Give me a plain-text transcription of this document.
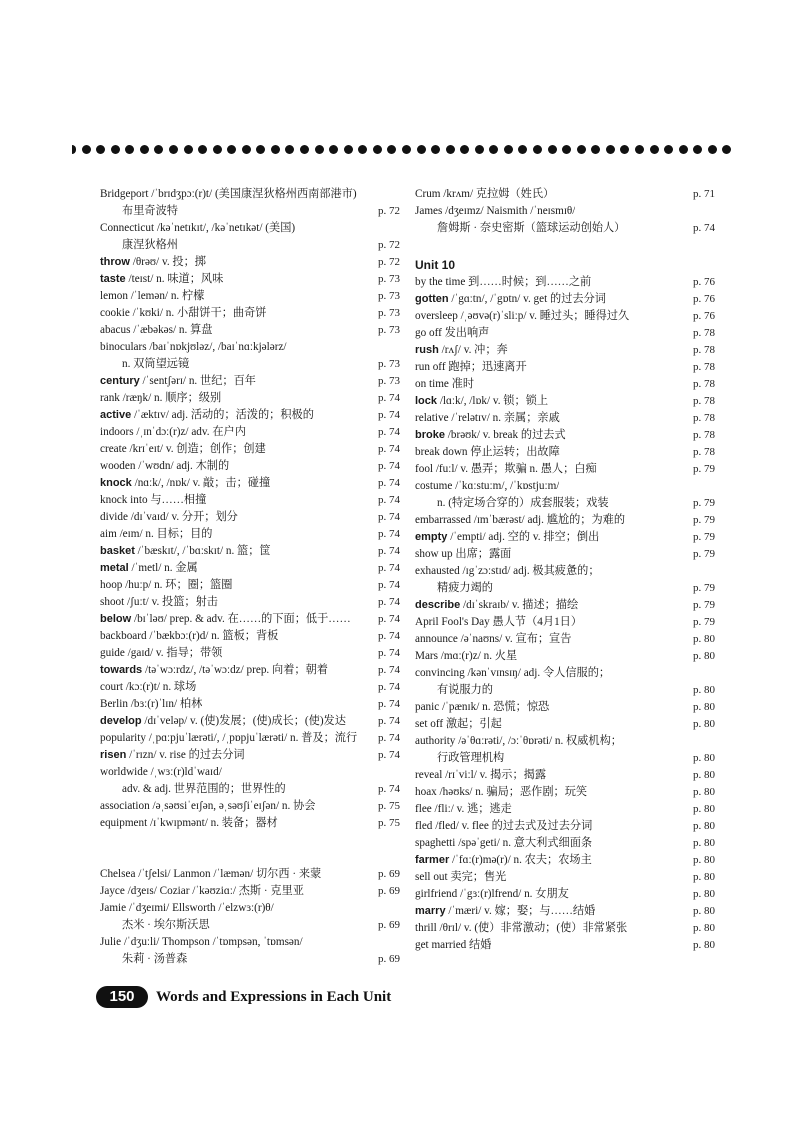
Bridgeport /ˈbrɪdʒpɔː(r)t/ (美国康涅狄格州西南部港市)
布里奇波特	p. 72
Connecticut /kəˈnetɪkɪt/, /kəˈnetɪkət/ (美国)
康涅狄格州	p. 72
throw /θrəʊ/ v. 投；掷	p. 72
taste /teɪst/ n. 味道；风味	p. 73
lemon /ˈlemən/ n. 柠檬	p. 73
cookie /ˈkʊki/ n. 小甜饼干；曲奇饼	p. 73
abacus /ˈæbəkəs/ n. 算盘	p. 73
binoculars /baɪˈnɒkjʊləz/, /baɪˈnɑːkjələrz/
n. 双筒望远镜	p. 73
century /ˈsentʃərɪ/ n. 世纪；百年	p. 73
rank /ræŋk/ n. 顺序；级别	p. 74
active /ˈæktɪv/ adj. 活动的；活泼的；积极的	p. 74
indoors /ˌɪnˈdɔː(r)z/ adv. 在户内	p. 74
create /krɪˈeɪt/ v. 创造；创作；创建	p. 74
wooden /ˈwʊdn/ adj. 木制的	p. 74
knock /nɑːk/, /nɒk/ v. 敲；击；碰撞	p. 74
knock into 与……相撞	p. 74
divide /dɪˈvaɪd/ v. 分开；划分	p. 74
aim /eɪm/ n. 目标；目的	p. 74
basket /ˈbæskɪt/, /ˈbɑːskɪt/ n. 篮；筐	p. 74
metal /ˈmetl/ n. 金属	p. 74
hoop /huːp/ n. 环；圈；篮圈	p. 74
shoot /ʃuːt/ v. 投篮；射击	p. 74
below /bɪˈləʊ/ prep. & adv. 在……的下面；低于……	p. 74
backboard /ˈbækbɔː(r)d/ n. 篮板；背板	p. 74
guide /gaɪd/ v. 指导；带领	p. 74
towards /təˈwɔːrdz/, /təˈwɔːdz/ prep. 向着；朝着	p. 74
court /kɔː(r)t/ n. 球场	p. 74
Berlin /bɜː(r)ˈlɪn/ 柏林	p. 74
develop /dɪˈveləp/ v. (使)发展；(使)成长；(使)发达	p. 74
popularity /ˌpɑːpjuˈlærəti/, /ˌpɒpjuˈlærəti/ n. 普及；流行	p. 74
risen /ˈrɪzn/ v. rise 的过去分词	p. 74
worldwide /ˌwɜː(r)ldˈwaɪd/
adv. & adj. 世界范围的；世界性的	p. 74
association /əˌsəʊsiˈeɪʃən, əˌsəʊʃiˈeɪʃən/ n. 协会	p. 75
equipment /ɪˈkwɪpmənt/ n. 装备；器材	p. 75
Chelsea /ˈtʃelsi/ Lanmon /ˈlæmən/ 切尔西 · 来蒙	p. 69
Jayce /dʒeɪs/ Coziar /ˈkəʊziɑː/ 杰斯 · 克里亚	p. 69
Jamie /ˈdʒeɪmi/ Ellsworth /ˈelzwɜː(r)θ/
杰米 · 埃尔斯沃思	p. 69
Julie /ˈdʒuːli/ Thompson /ˈtɒmpsən, ˈtɒmsən/
朱莉 · 汤普森	p. 69
Crum /krʌm/ 克拉姆（姓氏）	p. 71
James /dʒeɪmz/ Naismith /ˈneɪsmɪθ/
詹姆斯 · 奈史密斯（篮球运动创始人）	p. 74
Unit 10
by the time 到……时候；到……之前	p. 76
gotten /ˈgɑːtn/, /ˈgɒtn/ v. get 的过去分词	p. 76
oversleep /ˌəʊvə(r)ˈsliːp/ v. 睡过头；睡得过久	p. 76
go off 发出响声	p. 78
rush /rʌʃ/ v. 冲；奔	p. 78
run off 跑掉；迅速离开	p. 78
on time 准时	p. 78
lock /lɑːk/, /lɒk/ v. 锁；锁上	p. 78
relative /ˈrelətɪv/ n. 亲属；亲戚	p. 78
broke /brəʊk/ v. break 的过去式	p. 78
break down 停止运转；出故障	p. 78
fool /fuːl/ v. 愚弄；欺骗 n. 愚人；白痴	p. 79
costume /ˈkɑːstuːm/, /ˈkɒstjuːm/
n. (特定场合穿的）成套服装；戏装	p. 79
embarrassed /ɪmˈbærəst/ adj. 尴尬的；为难的	p. 79
empty /ˈempti/ adj. 空的 v. 排空；倒出	p. 79
show up 出席；露面	p. 79
exhausted /ɪgˈzɔːstɪd/ adj. 极其疲惫的；
精疲力竭的	p. 79
describe /dɪˈskraɪb/ v. 描述；描绘	p. 79
April Fool's Day 愚人节（4月1日）	p. 79
announce /əˈnaʊns/ v. 宣布；宣告	p. 80
Mars /mɑː(r)z/ n. 火星	p. 80
convincing /kənˈvɪnsɪŋ/ adj. 令人信服的；
有说服力的	p. 80
panic /ˈpænɪk/ n. 恐慌；惊恐	p. 80
set off 激起；引起	p. 80
authority /əˈθɑːrəti/, /ɔːˈθɒrəti/ n. 权威机构；
行政管理机构	p. 80
reveal /rɪˈviːl/ v. 揭示；揭露	p. 80
hoax /həʊks/ n. 骗局；恶作剧；玩笑	p. 80
flee /fliː/ v. 逃；逃走	p. 80
fled /fled/ v. flee 的过去式及过去分词	p. 80
spaghetti /spəˈgeti/ n. 意大利式细面条	p. 80
farmer /ˈfɑː(r)mə(r)/ n. 农夫；农场主	p. 80
sell out 卖完；售光	p. 80
girlfriend /ˈgɜː(r)lfrend/ n. 女朋友	p. 80
marry /ˈmæri/ v. 嫁；娶；与……结婚	p. 80
thrill /θrɪl/ v. (使）非常激动；(使）非常紧张	p. 80
get married 结婚	p. 80
150	Words and Expressions in Each Unit
